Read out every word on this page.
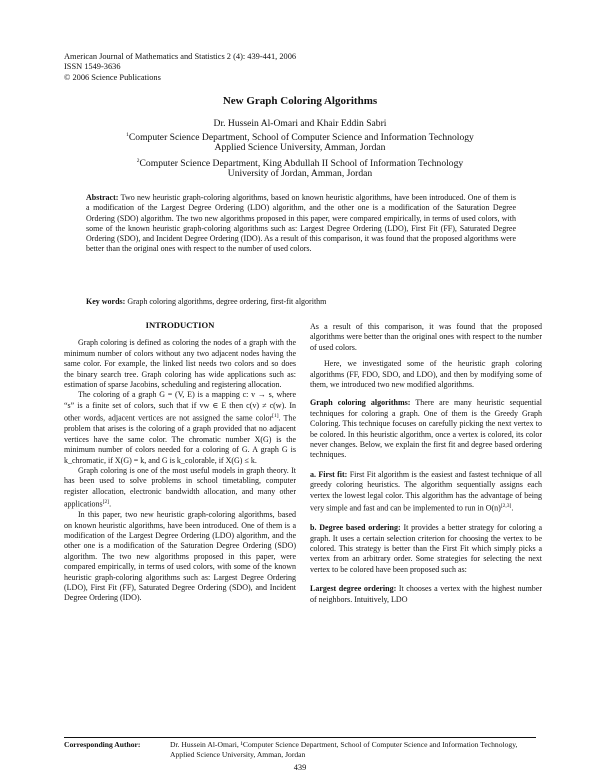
American Journal of Mathematics and Statistics 2 (4): 439-441, 2006
ISSN 1549-3636
© 2006 Science Publications
New Graph Coloring Algorithms
Dr. Hussein Al-Omari and Khair Eddin Sabri
$^1$Computer Science Department, School of Computer Science and Information Technology
Applied Science University, Amman, Jordan
$^2$Computer Science Department, King Abdullah II School of Information Technology
University of Jordan, Amman, Jordan
Abstract: Two new heuristic graph-coloring algorithms, based on known heuristic algorithms, have been introduced. One of them is a modification of the Largest Degree Ordering (LDO) algorithm, and the other one is a modification of the Saturation Degree Ordering (SDO) algorithm. The two new algorithms proposed in this paper, were compared empirically, in terms of used colors, with some of the known heuristic graph-coloring algorithms such as: Largest Degree Ordering (LDO), First Fit (FF), Saturated Degree Ordering (SDO), and Incident Degree Ordering (IDO). As a result of this comparison, it was found that the proposed algorithms were better than the original ones with respect to the number of used colors.
Key words: Graph coloring algorithms, degree ordering, first-fit algorithm
INTRODUCTION

Graph coloring is defined as coloring the nodes of a graph with the minimum number of colors without any two adjacent nodes having the same color. For example, the linked list needs two colors and so does the binary search tree. Graph coloring has wide applications such as: estimation of sparse Jacobins, scheduling and registering allocation.

The coloring of a graph G = (V, E) is a mapping c: v → s, where “s” is a finite set of colors, such that if vw ∈ E then c(v) ≠ c(w). In other words, adjacent vertices are not assigned the same color[1]. The problem that arises is the coloring of a graph provided that no adjacent vertices have the same color. The chromatic number X(G) is the minimum number of colors needed for a coloring of G. A graph G is k_chromatic, if X(G) = k, and G is k_colorable, if X(G) ≤ k.

Graph coloring is one of the most useful models in graph theory. It has been used to solve problems in school timetabling, computer register allocation, electronic bandwidth allocation, and many other applications[2].

In this paper, two new heuristic graph-coloring algorithms, based on known heuristic algorithms, have been introduced. One of them is a modification of the Largest Degree Ordering (LDO) algorithm, and the other one is a modification of the Saturation Degree Ordering (SDO) algorithm. The two new algorithms proposed in this paper, were compared empirically, in terms of used colors, with some of the known heuristic graph-coloring algorithms such as: Largest Degree Ordering (LDO), First Fit (FF), Saturated Degree Ordering (SDO), and Incident Degree Ordering (IDO).

As a result of this comparison, it was found that the proposed algorithms were better than the original ones with respect to the number of used colors.

Here, we investigated some of the heuristic graph coloring algorithms (FF, FDO, SDO, and LDO), and then by modifying some of them, we introduced two new modified algorithms.

Graph coloring algorithms: There are many heuristic sequential techniques for coloring a graph. One of them is the Greedy Graph Coloring. This technique focuses on carefully picking the next vertex to be colored. In this heuristic algorithm, once a vertex is colored, its color never changes. Below, we explain the first fit and degree based ordering techniques.

a. First fit: First Fit algorithm is the easiest and fastest technique of all greedy coloring heuristics. The algorithm sequentially assigns each vertex the lowest legal color. This algorithm has the advantage of being very simple and fast and can be implemented to run in O(n)[2,3].

b. Degree based ordering: It provides a better strategy for coloring a graph. It uses a certain selection criterion for choosing the vertex to be colored. This strategy is better than the First Fit which simply picks a vertex from an arbitrary order. Some strategies for selecting the next vertex to be colored have been proposed such as:

Largest degree ordering: It chooses a vertex with the highest number of neighbors. Intuitively, LDO

Corresponding Author:	Dr. Hussein Al-Omari, ¹Computer Science Department, School of Computer Science and Information Technology, Applied Science University, Amman, Jordan
439
